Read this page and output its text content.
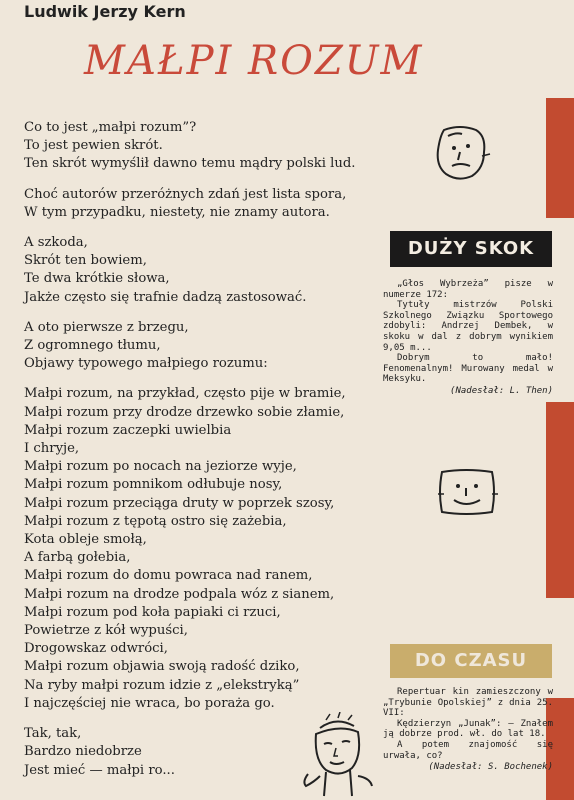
Ludwik Jerzy Kern
MAŁPI ROZUM
Co to jest „małpi rozum”?
To jest pewien skrót.
Ten skrót wymyślił dawno temu mądry polski lud.
Choć autorów przeróżnych zdań jest lista spora,
W tym przypadku, niestety, nie znamy autora.
A szkoda,
Skrót ten bowiem,
Te dwa krótkie słowa,
Jakże często się trafnie dadzą zastosować.
A oto pierwsze z brzegu,
Z ogromnego tłumu,
Objawy typowego małpiego rozumu:
Małpi rozum, na przykład, często pije w bramie,
Małpi rozum przy drodze drzewko sobie złamie,
Małpi rozum zaczepki uwielbia
I chryje,
Małpi rozum po nocach na jeziorze wyje,
Małpi rozum pomnikom odłubuje nosy,
Małpi rozum przeciąga druty w poprzek szosy,
Małpi rozum z tępotą ostro się zażebia,
Kota obleje smołą,
A farbą gołebia,
Małpi rozum do domu powraca nad ranem,
Małpi rozum na drodze podpala wóz z sianem,
Małpi rozum pod koła papiaki ci rzuci,
Powietrze z kół wypuści,
Drogowskaz odwróci,
Małpi rozum objawia swoją radość dziko,
Na ryby małpi rozum idzie z „elekstryką”
I najczęściej nie wraca, bo poraża go.
Tak, tak,
Bardzo niedobrze
Jest mieć — małpi ro...
DUŻY SKOK
„Głos Wybrzeża” pisze w numerze 172:
Tytuły mistrzów Polski Szkolnego Związku Sportowego zdobyli: Andrzej Dembek, w skoku w dal z dobrym wynikiem 9,05 m...
Dobrym to mało! Fenomenalnym! Murowany medal w Meksyku.
(Nadesłał: L. Then)
DO CZASU
Repertuar kin zamieszczony w „Trybunie Opolskiej” z dnia 25. VII:
Kędzierzyn „Junak”: — Znałem ją dobrze prod. wł. do lat 18.
A potem znajomość się urwała, co?
(Nadesłał: S. Bochenek)
